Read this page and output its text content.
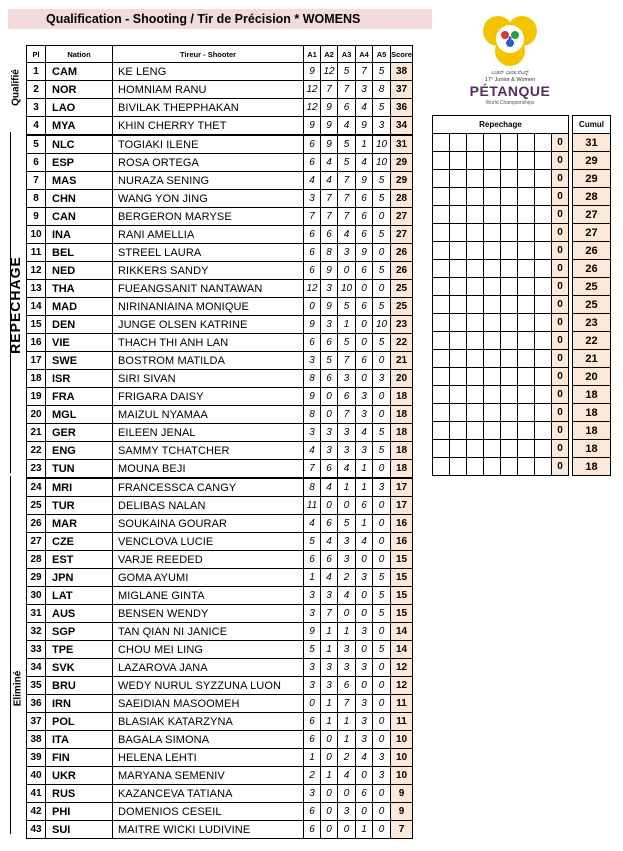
Qualification - Shooting / Tir de Précision * WOMENS
ಲಂಡನ್ ಭಾರತ ಪೆಟನ್ಕ್
17° Junior & Women
PÉTANQUE
World Championships
Qualifié
REPECHAGE
Eliminé
Pl	Nation	Tireur - Shooter	A1	A2	A3	A4	A5	Score
1	CAM	KE LENG	9	12	5	7	5	38
2	NOR	HOMNIAM RANU	12	7	7	3	8	37
3	LAO	BIVILAK THEPPHAKAN	12	9	6	4	5	36
4	MYA	KHIN CHERRY THET	9	9	4	9	3	34
5	NLC	TOGIAKI ILENE	6	9	5	1	10	31
6	ESP	ROSA ORTEGA	6	4	5	4	10	29
7	MAS	NURAZA SENING	4	4	7	9	5	29
8	CHN	WANG YON JING	3	7	7	6	5	28
9	CAN	BERGERON MARYSE	7	7	7	6	0	27
10	INA	RANI AMELLIA	6	6	4	6	5	27
11	BEL	STREEL LAURA	6	8	3	9	0	26
12	NED	RIKKERS SANDY	6	9	0	6	5	26
13	THA	FUEANGSANIT NANTAWAN	12	3	10	0	0	25
14	MAD	NIRINANIAINA MONIQUE	0	9	5	6	5	25
15	DEN	JUNGE OLSEN KATRINE	9	3	1	0	10	23
16	VIE	THACH THI ANH LAN	6	6	5	0	5	22
17	SWE	BOSTROM MATILDA	3	5	7	6	0	21
18	ISR	SIRI SIVAN	8	6	3	0	3	20
19	FRA	FRIGARA DAISY	9	0	6	3	0	18
20	MGL	MAIZUL NYAMAA	8	0	7	3	0	18
21	GER	EILEEN JENAL	3	3	3	4	5	18
22	ENG	SAMMY TCHATCHER	4	3	3	3	5	18
23	TUN	MOUNA BEJI	7	6	4	1	0	18
24	MRI	FRANCESSCA CANGY	8	4	1	1	3	17
25	TUR	DELIBAS NALAN	11	0	0	6	0	17
26	MAR	SOUKAINA GOURAR	4	6	5	1	0	16
27	CZE	VENCLOVA LUCIE	5	4	3	4	0	16
28	EST	VARJE REEDED	6	6	3	0	0	15
29	JPN	GOMA AYUMI	1	4	2	3	5	15
30	LAT	MIGLANE GINTA	3	3	4	0	5	15
31	AUS	BENSEN WENDY	3	7	0	0	5	15
32	SGP	TAN QIAN NI JANICE	9	1	1	3	0	14
33	TPE	CHOU MEI LING	5	1	3	0	5	14
34	SVK	LAZAROVA JANA	3	3	3	3	0	12
35	BRU	WEDY NURUL SYZZUNA LUON	3	3	6	0	0	12
36	IRN	SAEIDIAN MASOOMEH	0	1	7	3	0	11
37	POL	BLASIAK KATARZYNA	6	1	1	3	0	11
38	ITA	BAGALA SIMONA	6	0	1	3	0	10
39	FIN	HELENA LEHTI	1	0	2	4	3	10
40	UKR	MARYANA SEMENIV	2	1	4	0	3	10
41	RUS	KAZANCEVA TATIANA	3	0	0	6	0	9
42	PHI	DOMENIOS CESEIL	6	0	3	0	0	9
43	SUI	MAITRE WICKI LUDIVINE	6	0	0	1	0	7
Repechage									Cumul
							0		31
							0		29
							0		29
							0		28
							0		27
							0		27
							0		26
							0		26
							0		25
							0		25
							0		23
							0		22
							0		21
							0		20
							0		18
							0		18
							0		18
							0		18
							0		18
